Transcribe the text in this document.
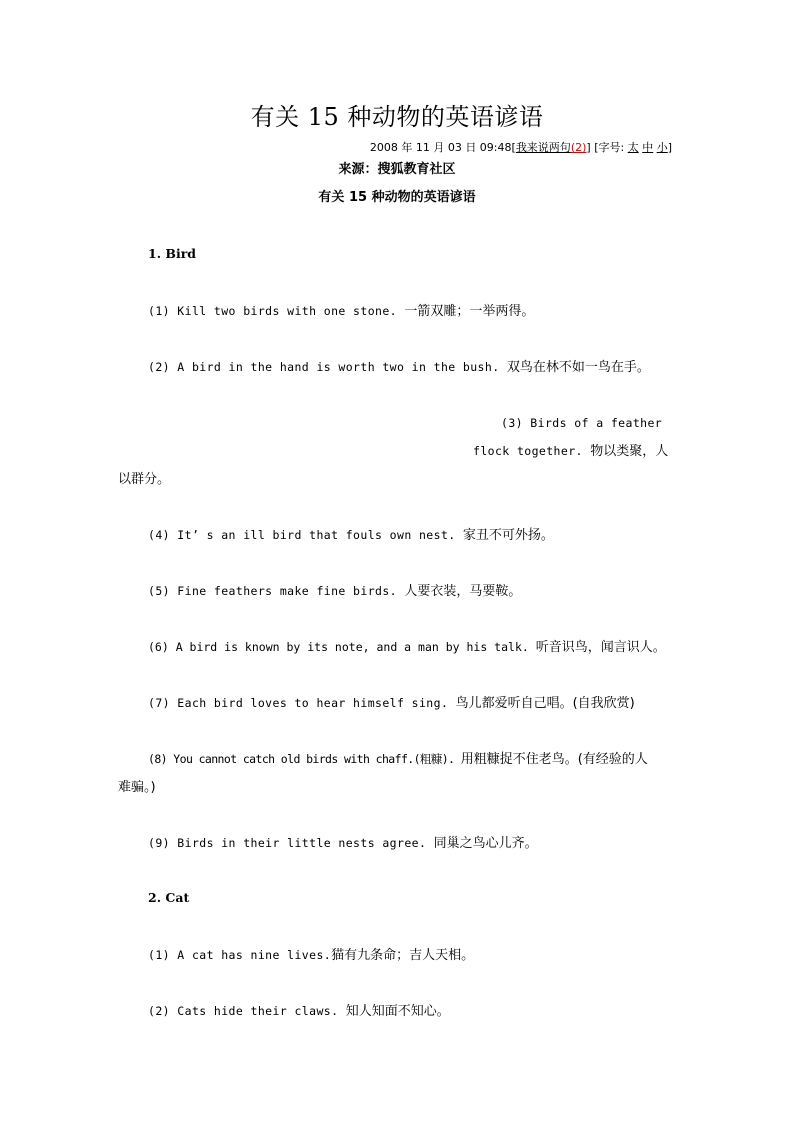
有关 15 种动物的英语谚语
2008 年 11 月 03 日 09:48[我来说两句(2)] [字号: 太 中 小]
来源：搜狐教育社区
有关 15 种动物的英语谚语
1. Bird
(1) Kill two birds with one stone. 一箭双雕；一举两得。
(2) A bird in the hand is worth two in the bush. 双鸟在林不如一鸟在手。
(3) Birds of a feather
flock together. 物以类聚，人
以群分。
(4) It’ s an ill bird that fouls own nest. 家丑不可外扬。
(5) Fine feathers make fine birds. 人要衣装，马要鞍。
(6) A bird is known by its note, and a man by his talk. 听音识鸟，闻言识人。
(7) Each bird loves to hear himself sing. 鸟儿都爱听自己唱。(自我欣赏)
(8) You cannot catch old birds with chaff.(粗糠). 用粗糠捉不住老鸟。(有经验的人
难骗。)
(9) Birds in their little nests agree. 同巢之鸟心儿齐。
2. Cat
(1) A cat has nine lives.猫有九条命；吉人天相。
(2) Cats hide their claws. 知人知面不知心。
